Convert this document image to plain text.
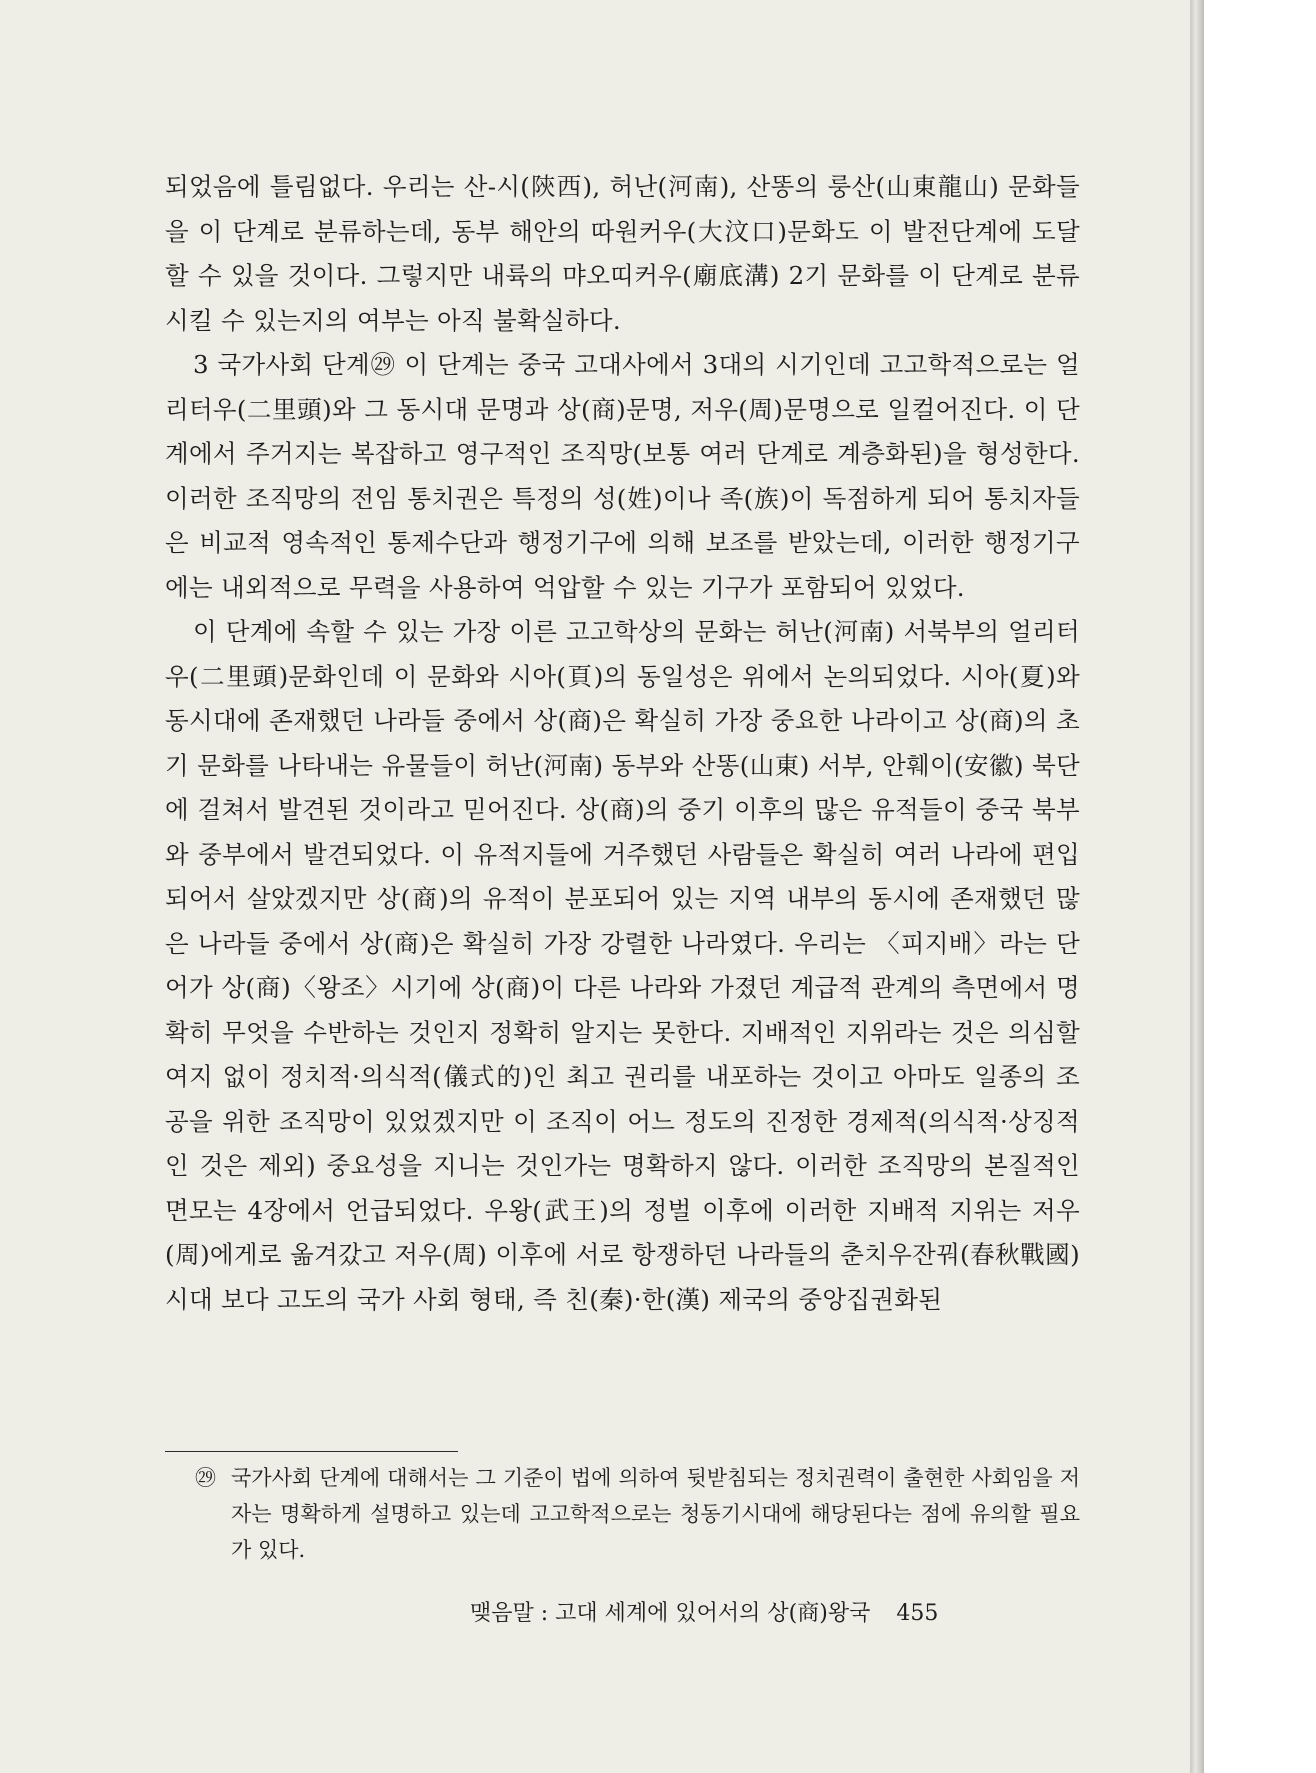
되었음에 틀림없다. 우리는 산-시(陝西), 허난(河南), 산똥의 룽산(山東龍山) 문화들을 이 단계로 분류하는데, 동부 해안의 따원커우(大汶口)문화도 이 발전단계에 도달할 수 있을 것이다. 그렇지만 내륙의 먀오띠커우(廟底溝) 2기 문화를 이 단계로 분류시킬 수 있는지의 여부는 아직 불확실하다.

3 국가사회 단계㉙ 이 단계는 중국 고대사에서 3대의 시기인데 고고학적으로는 얼리터우(二里頭)와 그 동시대 문명과 상(商)문명, 저우(周)문명으로 일컬어진다. 이 단계에서 주거지는 복잡하고 영구적인 조직망(보통 여러 단계로 계층화된)을 형성한다. 이러한 조직망의 전임 통치권은 특정의 성(姓)이나 족(族)이 독점하게 되어 통치자들은 비교적 영속적인 통제수단과 행정기구에 의해 보조를 받았는데, 이러한 행정기구에는 내외적으로 무력을 사용하여 억압할 수 있는 기구가 포함되어 있었다.

이 단계에 속할 수 있는 가장 이른 고고학상의 문화는 허난(河南) 서북부의 얼리터우(二里頭)문화인데 이 문화와 시아(頁)의 동일성은 위에서 논의되었다. 시아(夏)와 동시대에 존재했던 나라들 중에서 상(商)은 확실히 가장 중요한 나라이고 상(商)의 초기 문화를 나타내는 유물들이 허난(河南) 동부와 산똥(山東) 서부, 안훼이(安徽) 북단에 걸쳐서 발견된 것이라고 믿어진다. 상(商)의 중기 이후의 많은 유적들이 중국 북부와 중부에서 발견되었다. 이 유적지들에 거주했던 사람들은 확실히 여러 나라에 편입되어서 살았겠지만 상(商)의 유적이 분포되어 있는 지역 내부의 동시에 존재했던 많은 나라들 중에서 상(商)은 확실히 가장 강렬한 나라였다. 우리는 〈피지배〉라는 단어가 상(商)〈왕조〉시기에 상(商)이 다른 나라와 가졌던 계급적 관계의 측면에서 명확히 무엇을 수반하는 것인지 정확히 알지는 못한다. 지배적인 지위라는 것은 의심할 여지 없이 정치적·의식적(儀式的)인 최고 권리를 내포하는 것이고 아마도 일종의 조공을 위한 조직망이 있었겠지만 이 조직이 어느 정도의 진정한 경제적(의식적·상징적인 것은 제외) 중요성을 지니는 것인가는 명확하지 않다. 이러한 조직망의 본질적인 면모는 4장에서 언급되었다. 우왕(武王)의 정벌 이후에 이러한 지배적 지위는 저우(周)에게로 옮겨갔고 저우(周) 이후에 서로 항쟁하던 나라들의 춘치우잔꿔(春秋戰國)시대 보다 고도의 국가 사회 형태, 즉 친(秦)·한(漢) 제국의 중앙집권화된

㉙ 국가사회 단계에 대해서는 그 기준이 법에 의하여 뒷받침되는 정치권력이 출현한 사회임을 저자는 명확하게 설명하고 있는데 고고학적으로는 청동기시대에 해당된다는 점에 유의할 필요가 있다.
맺음말 : 고대 세계에 있어서의 상(商)왕국 455
